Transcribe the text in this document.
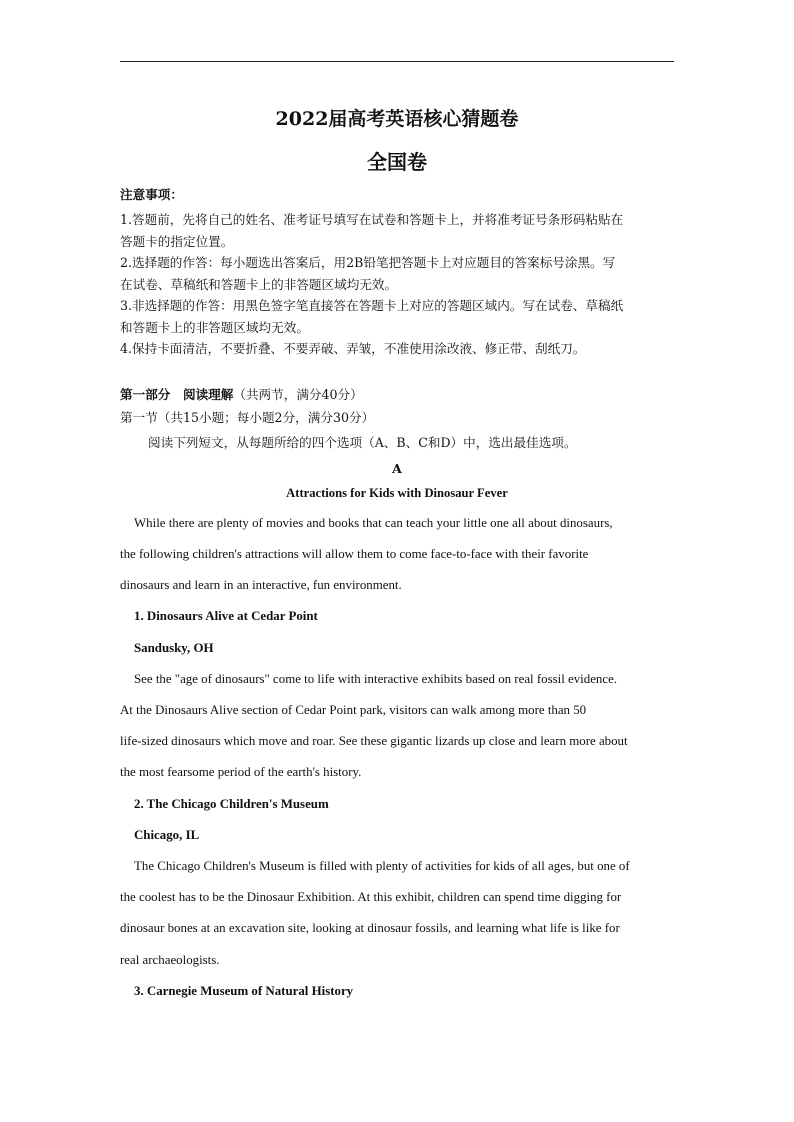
2022届高考英语核心猜题卷
全国卷
注意事项：
1.答题前，先将自己的姓名、准考证号填写在试卷和答题卡上，并将准考证号条形码粘贴在
答题卡的指定位置。
2.选择题的作答：每小题选出答案后，用2B铅笔把答题卡上对应题目的答案标号涂黑。写
在试卷、草稿纸和答题卡上的非答题区域均无效。
3.非选择题的作答：用黑色签字笔直接答在答题卡上对应的答题区域内。写在试卷、草稿纸
和答题卡上的非答题区域均无效。
4.保持卡面清洁，不要折叠、不要弄破、弄皱，不准使用涂改液、修正带、刮纸刀。
第一部分　阅读理解（共两节，满分40分）
第一节（共15小题；每小题2分，满分30分）
阅读下列短文，从每题所给的四个选项（A、B、C和D）中，选出最佳选项。
A
Attractions for Kids with Dinosaur Fever
While there are plenty of movies and books that can teach your little one all about dinosaurs,
the following children's attractions will allow them to come face-to-face with their favorite
dinosaurs and learn in an interactive, fun environment.
1. Dinosaurs Alive at Cedar Point
Sandusky, OH
See the "age of dinosaurs" come to life with interactive exhibits based on real fossil evidence.
At the Dinosaurs Alive section of Cedar Point park, visitors can walk among more than 50
life-sized dinosaurs which move and roar. See these gigantic lizards up close and learn more about
the most fearsome period of the earth's history.
2. The Chicago Children's Museum
Chicago, IL
The Chicago Children's Museum is filled with plenty of activities for kids of all ages, but one of
the coolest has to be the Dinosaur Exhibition. At this exhibit, children can spend time digging for
dinosaur bones at an excavation site, looking at dinosaur fossils, and learning what life is like for
real archaeologists.
3. Carnegie Museum of Natural History
